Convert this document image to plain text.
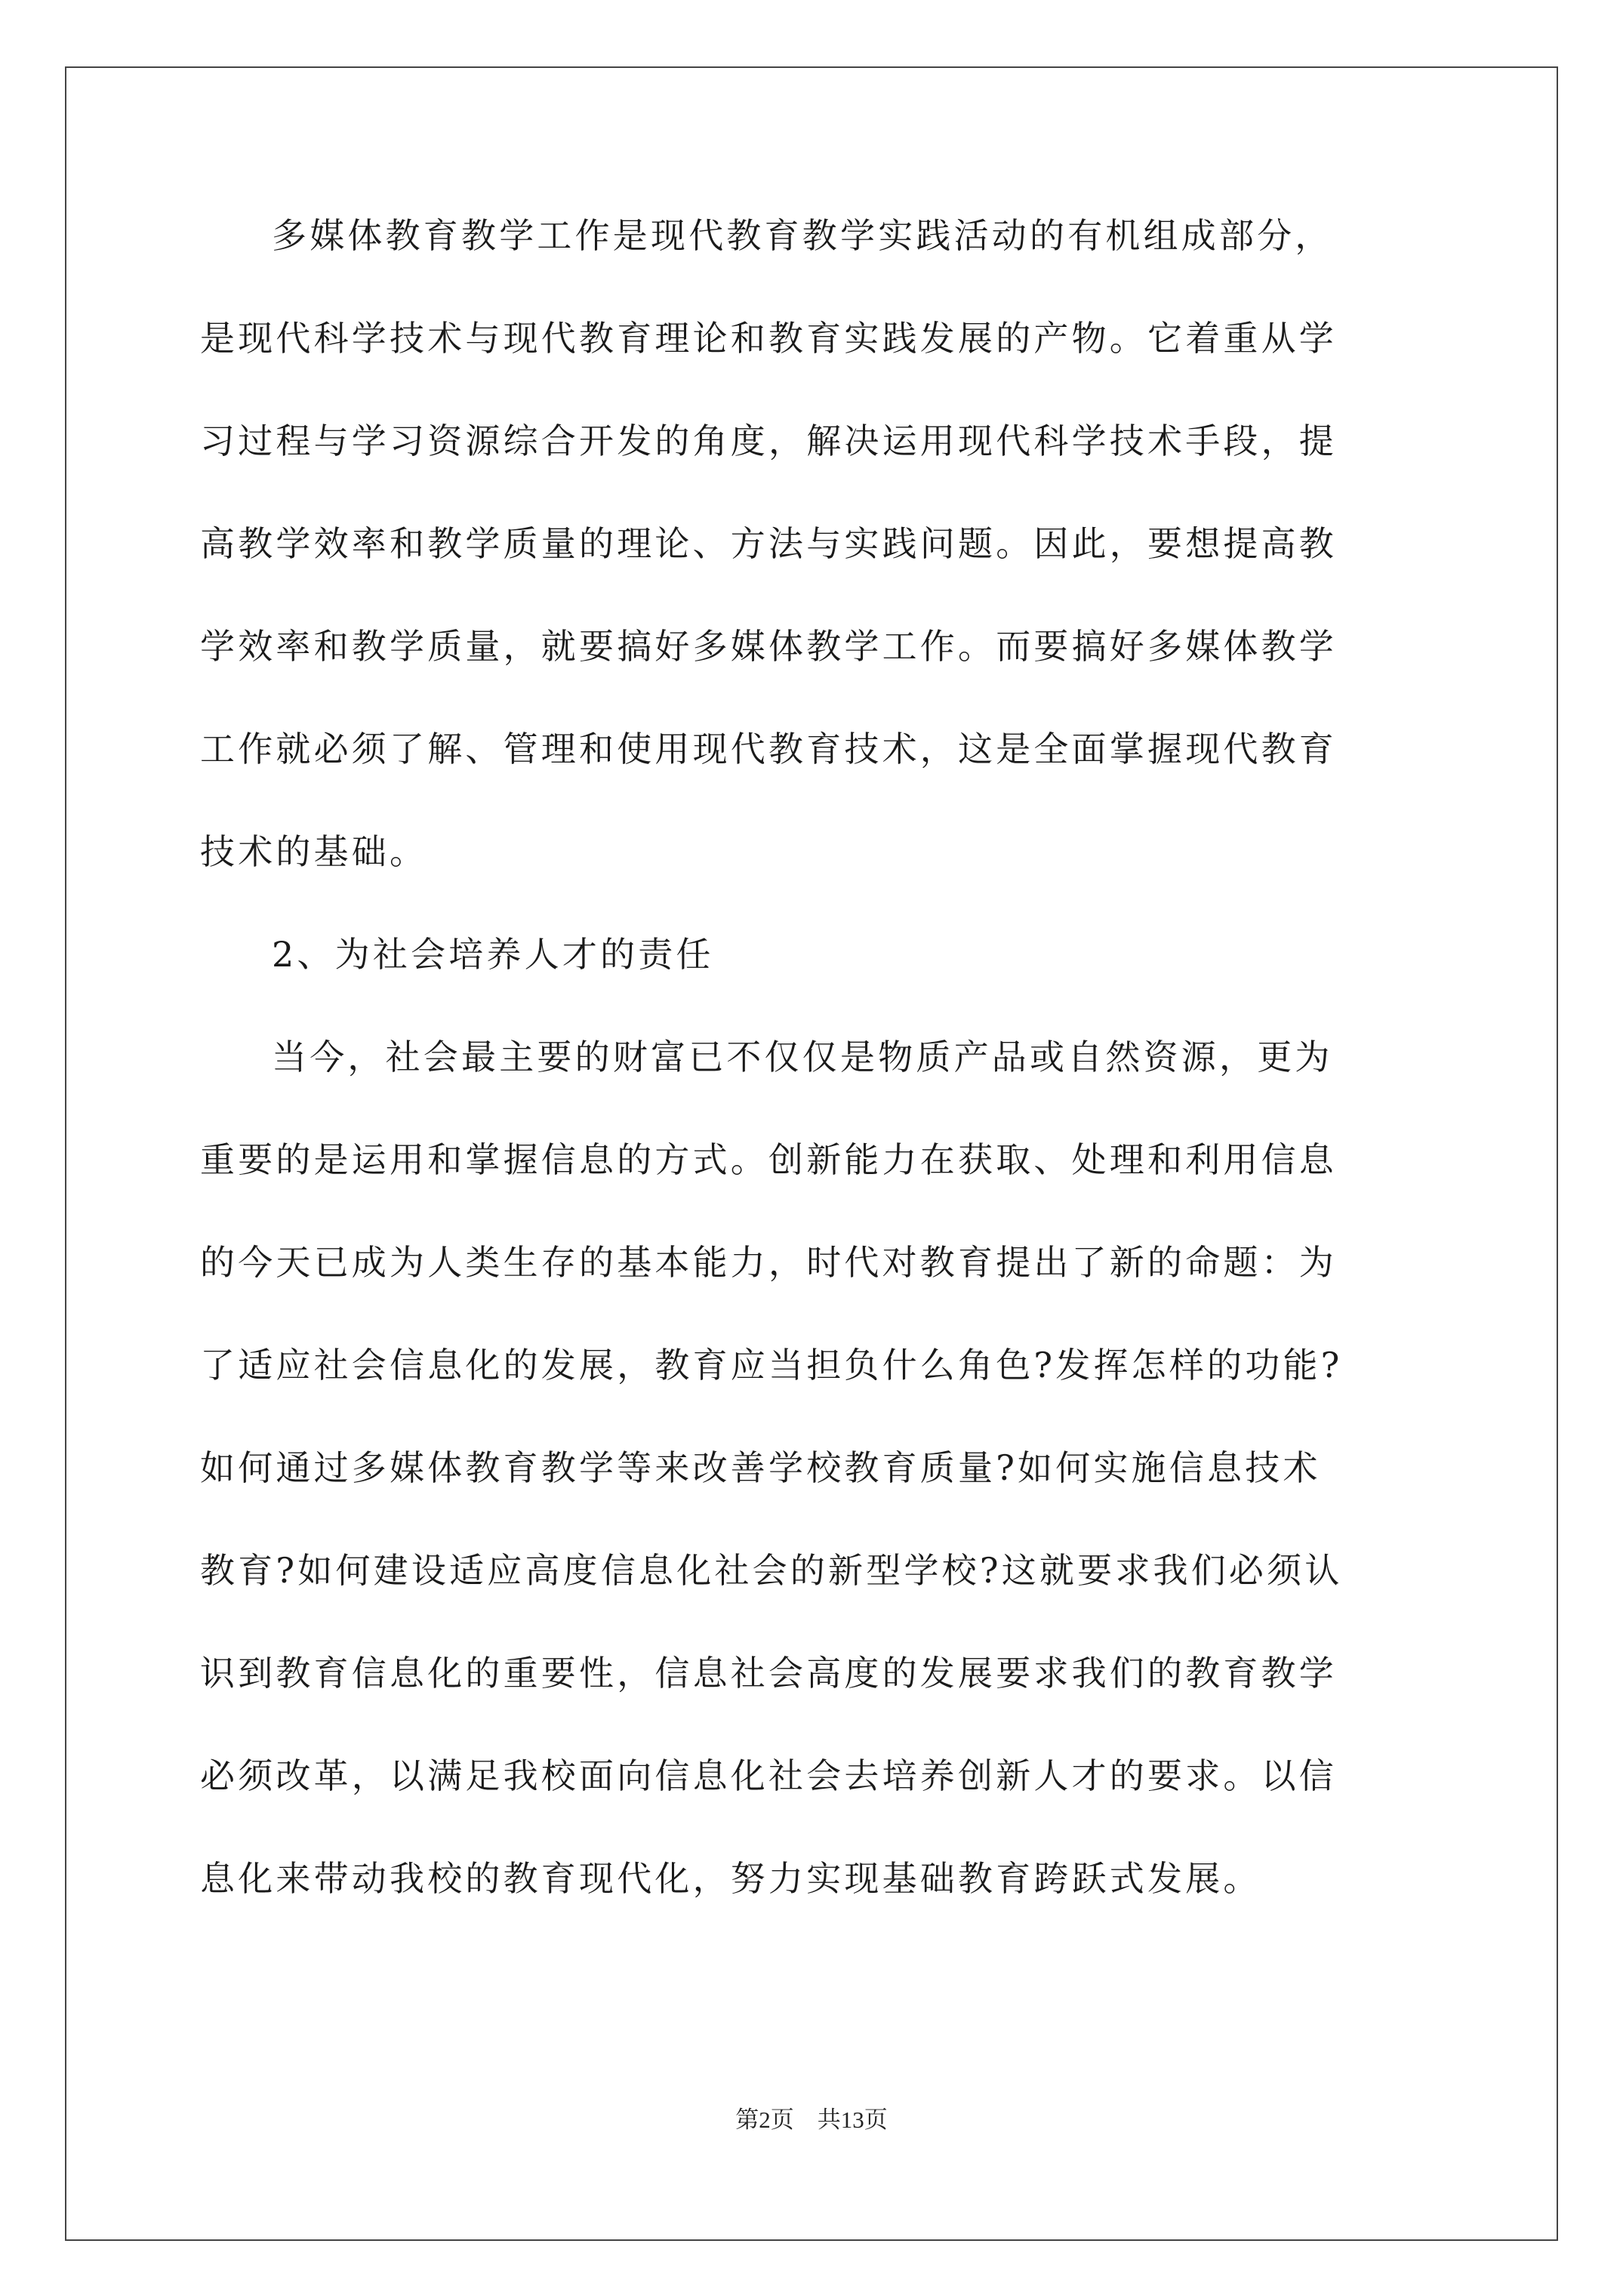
多媒体教育教学工作是现代教育教学实践活动的有机组成部分，
是现代科学技术与现代教育理论和教育实践发展的产物。它着重从学
习过程与学习资源综合开发的角度，解决运用现代科学技术手段，提
高教学效率和教学质量的理论、方法与实践问题。因此，要想提高教
学效率和教学质量，就要搞好多媒体教学工作。而要搞好多媒体教学
工作就必须了解、管理和使用现代教育技术，这是全面掌握现代教育
技术的基础。
2、为社会培养人才的责任
当今，社会最主要的财富已不仅仅是物质产品或自然资源，更为
重要的是运用和掌握信息的方式。创新能力在获取、处理和利用信息
的今天已成为人类生存的基本能力，时代对教育提出了新的命题：为
了适应社会信息化的发展，教育应当担负什么角色?发挥怎样的功能?
如何通过多媒体教育教学等来改善学校教育质量?如何实施信息技术
教育?如何建设适应高度信息化社会的新型学校?这就要求我们必须认
识到教育信息化的重要性，信息社会高度的发展要求我们的教育教学
必须改革，以满足我校面向信息化社会去培养创新人才的要求。以信
息化来带动我校的教育现代化，努力实现基础教育跨跃式发展。
第2页　共13页
